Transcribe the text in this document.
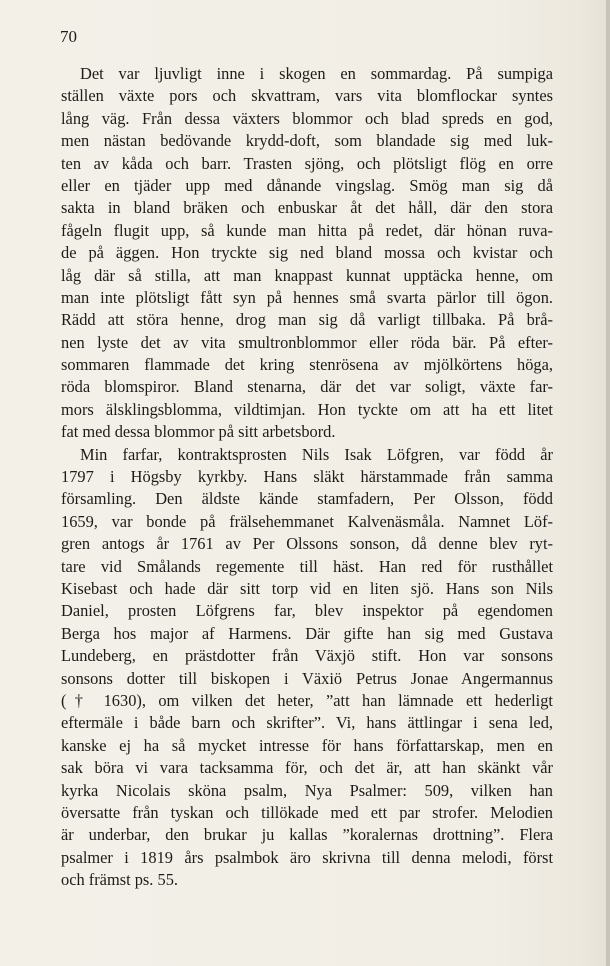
70
Det var ljuvligt inne i skogen en sommardag. På sumpiga
ställen växte pors och skvattram, vars vita blomflockar syntes
lång väg. Från dessa växters blommor och blad spreds en god,
men nästan bedövande krydd-doft, som blandade sig med luk-
ten av kåda och barr. Trasten sjöng, och plötsligt flög en orre
eller en tjäder upp med dånande vingslag. Smög man sig då
sakta in bland bräken och enbuskar åt det håll, där den stora
fågeln flugit upp, så kunde man hitta på redet, där hönan ruva-
de på äggen. Hon tryckte sig ned bland mossa och kvistar och
låg där så stilla, att man knappast kunnat upptäcka henne, om
man inte plötsligt fått syn på hennes små svarta pärlor till ögon.
Rädd att störa henne, drog man sig då varligt tillbaka. På brå-
nen lyste det av vita smultronblommor eller röda bär. På efter-
sommaren flammade det kring stenrösena av mjölkörtens höga,
röda blomspiror. Bland stenarna, där det var soligt, växte far-
mors älsklingsblomma, vildtimjan. Hon tyckte om att ha ett litet
fat med dessa blommor på sitt arbetsbord.
Min farfar, kontraktsprosten Nils Isak Löfgren, var född år
1797 i Högsby kyrkby. Hans släkt härstammade från samma
församling. Den äldste kände stamfadern, Per Olsson, född
1659, var bonde på frälsehemmanet Kalvenäsmåla. Namnet Löf-
gren antogs år 1761 av Per Olssons sonson, då denne blev ryt-
tare vid Smålands regemente till häst. Han red för rusthållet
Kisebast och hade där sitt torp vid en liten sjö. Hans son Nils
Daniel, prosten Löfgrens far, blev inspektor på egendomen
Berga hos major af Harmens. Där gifte han sig med Gustava
Lundeberg, en prästdotter från Växjö stift. Hon var sonsons
sonsons dotter till biskopen i Växiö Petrus Jonae Angermannus
(† 1630), om vilken det heter, ”att han lämnade ett hederligt
eftermäle i både barn och skrifter”. Vi, hans ättlingar i sena led,
kanske ej ha så mycket intresse för hans författarskap, men en
sak böra vi vara tacksamma för, och det är, att han skänkt vår
kyrka Nicolais sköna psalm, Nya Psalmer: 509, vilken han
översatte från tyskan och tillökade med ett par strofer. Melodien
är underbar, den brukar ju kallas ”koralernas drottning”. Flera
psalmer i 1819 års psalmbok äro skrivna till denna melodi, först
och främst ps. 55.
